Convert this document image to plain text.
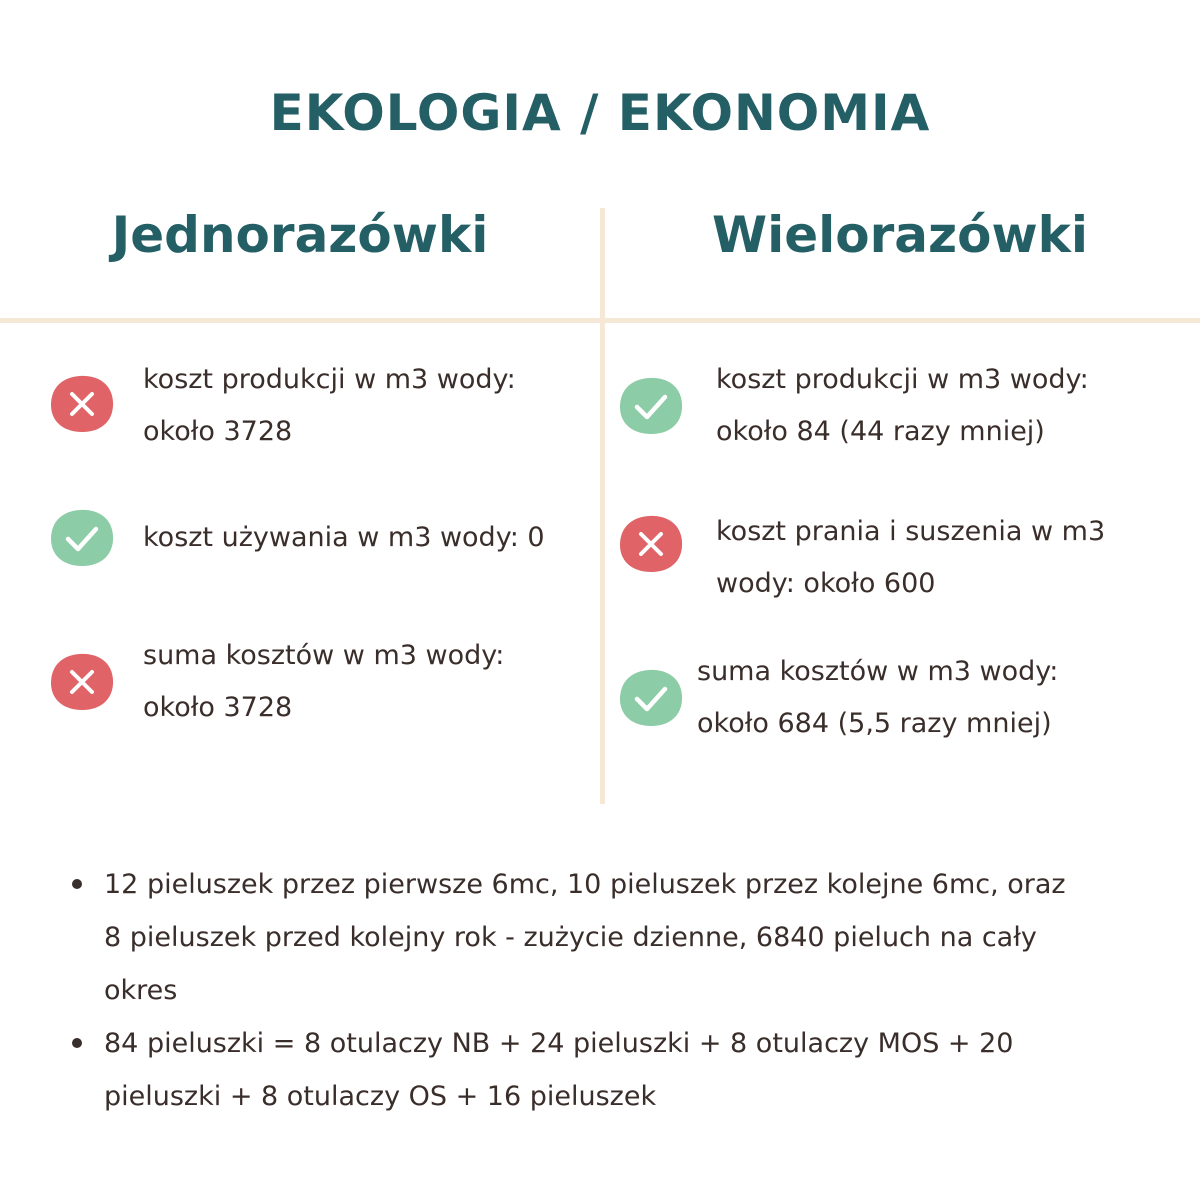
EKOLOGIA / EKONOMIA
Jednorazówki	Wielorazówki
koszt produkcji w m3 wody:
około 3728
koszt używania w m3 wody: 0
suma kosztów w m3 wody:
około 3728
koszt produkcji w m3 wody:
około 84 (44 razy mniej)
koszt prania i suszenia w m3
wody: około 600
suma kosztów w m3 wody:
około 684 (5,5 razy mniej)
12 pieluszek przez pierwsze 6mc, 10 pieluszek przez kolejne 6mc, oraz
8 pieluszek przed kolejny rok - zużycie dzienne, 6840 pieluch na cały
okres
84 pieluszki = 8 otulaczy NB + 24 pieluszki + 8 otulaczy MOS + 20
pieluszki + 8 otulaczy OS + 16 pieluszek
